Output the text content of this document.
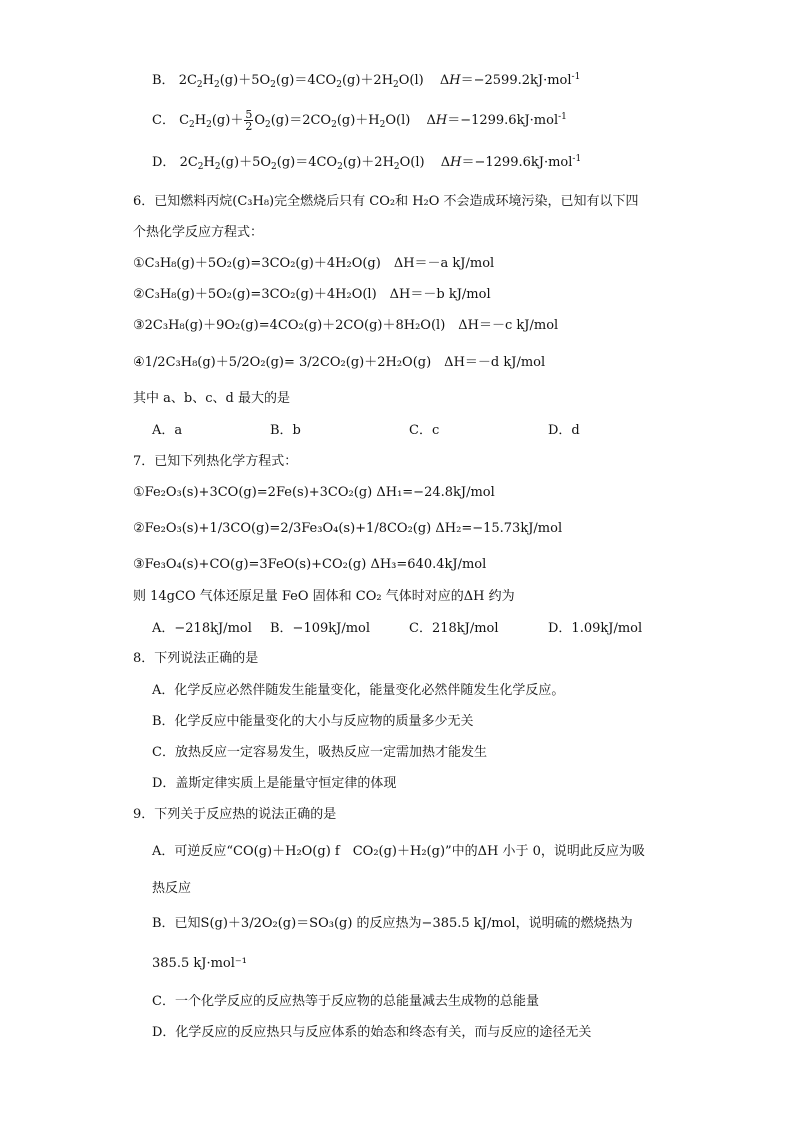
B． $2C_2H_2(g)+5O_2(g)=4CO_2(g)+2H_2O(l)$ ΔH＝−2599.2kJ·mol$^{-1}$
C． $C_2H_2(g)+ \frac{5}{2} O_2(g)=2CO_2(g)+H_2O(l)$ ΔH＝−1299.6kJ·mol$^{-1}$
D． $2C_2H_2(g)+5O_2(g)=4CO_2(g)+2H_2O(l)$ ΔH＝−1299.6kJ·mol$^{-1}$
6．已知燃料丙烷(C₃H₈)完全燃烧后只有 CO₂和 H₂O 不会造成环境污染，已知有以下四
个热化学反应方程式：
①C₃H₈(g)＋5O₂(g)=3CO₂(g)＋4H₂O(g)　ΔH＝－a kJ/mol
②C₃H₈(g)＋5O₂(g)=3CO₂(g)＋4H₂O(l)　ΔH＝－b kJ/mol
③2C₃H₈(g)＋9O₂(g)=4CO₂(g)＋2CO(g)＋8H₂O(l)　ΔH＝－c kJ/mol
④1/2C₃H₈(g)＋5/2O₂(g)= 3/2CO₂(g)＋2H₂O(g)　ΔH＝－d kJ/mol
其中 a、b、c、d 最大的是
A．a	B．b	C．c	D．d
7．已知下列热化学方程式：
①Fe₂O₃(s)+3CO(g)=2Fe(s)+3CO₂(g) ΔH₁=−24.8kJ/mol
②Fe₂O₃(s)+1/3CO(g)=2/3Fe₃O₄(s)+1/8CO₂(g) ΔH₂=−15.73kJ/mol
③Fe₃O₄(s)+CO(g)=3FeO(s)+CO₂(g) ΔH₃=640.4kJ/mol
则 14gCO 气体还原足量 FeO 固体和 CO₂ 气体时对应的ΔH 约为
A．−218kJ/mol B．−109kJ/mol	C．218kJ/mol	D．1.09kJ/mol
8．下列说法正确的是
A．化学反应必然伴随发生能量变化，能量变化必然伴随发生化学反应。
B．化学反应中能量变化的大小与反应物的质量多少无关
C．放热反应一定容易发生，吸热反应一定需加热才能发生
D．盖斯定律实质上是能量守恒定律的体现
9．下列关于反应热的说法正确的是
A．可逆反应“CO(g)＋H₂O(g) f　CO₂(g)＋H₂(g)”中的ΔH 小于 0，说明此反应为吸
热反应
B．已知S(g)＋3/2O₂(g)＝SO₃(g) 的反应热为−385.5 kJ/mol，说明硫的燃烧热为
385.5 kJ·mol⁻¹
C．一个化学反应的反应热等于反应物的总能量减去生成物的总能量
D．化学反应的反应热只与反应体系的始态和终态有关，而与反应的途径无关
